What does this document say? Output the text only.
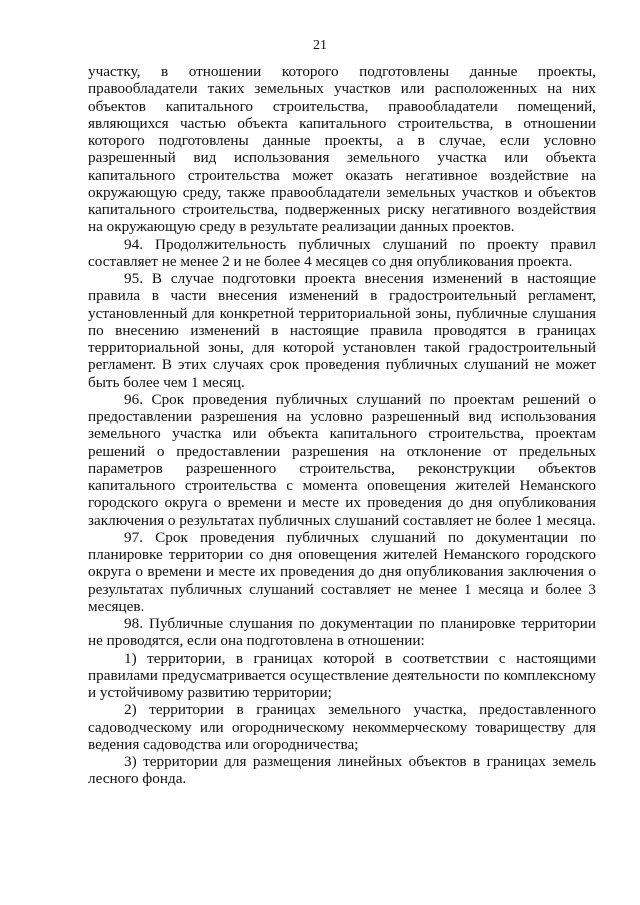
21

участку, в отношении которого подготовлены данные проекты, правообладатели таких земельных участков или расположенных на них объектов капитального строительства, правообладатели помещений, являющихся частью объекта капитального строительства, в отношении которого подготовлены данные проекты, а в случае, если условно разрешенный вид использования земельного участка или объекта капитального строительства может оказать негативное воздействие на окружающую среду, также правообладатели земельных участков и объектов капитального строительства, подверженных риску негативного воздействия на окружающую среду в результате реализации данных проектов.

94. Продолжительность публичных слушаний по проекту правил составляет не менее 2 и не более 4 месяцев со дня опубликования проекта.

95. В случае подготовки проекта внесения изменений в настоящие правила в части внесения изменений в градостроительный регламент, установленный для конкретной территориальной зоны, публичные слушания по внесению изменений в настоящие правила проводятся в границах территориальной зоны, для которой установлен такой градостроительный регламент. В этих случаях срок проведения публичных слушаний не может быть более чем 1 месяц.

96. Срок проведения публичных слушаний по проектам решений о предоставлении разрешения на условно разрешенный вид использования земельного участка или объекта капитального строительства, проектам решений о предоставлении разрешения на отклонение от предельных параметров разрешенного строительства, реконструкции объектов капитального строительства с момента оповещения жителей Неманского городского округа о времени и месте их проведения до дня опубликования заключения о результатах публичных слушаний составляет не более 1 месяца.

97. Срок проведения публичных слушаний по документации по планировке территории со дня оповещения жителей Неманского городского округа о времени и месте их проведения до дня опубликования заключения о результатах публичных слушаний составляет не менее 1 месяца и более 3 месяцев.

98. Публичные слушания по документации по планировке территории не проводятся, если она подготовлена в отношении:

1) территории, в границах которой в соответствии с настоящими правилами предусматривается осуществление деятельности по комплексному и устойчивому развитию территории;

2) территории в границах земельного участка, предоставленного садоводческому или огородническому некоммерческому товариществу для ведения садоводства или огородничества;

3) территории для размещения линейных объектов в границах земель лесного фонда.
